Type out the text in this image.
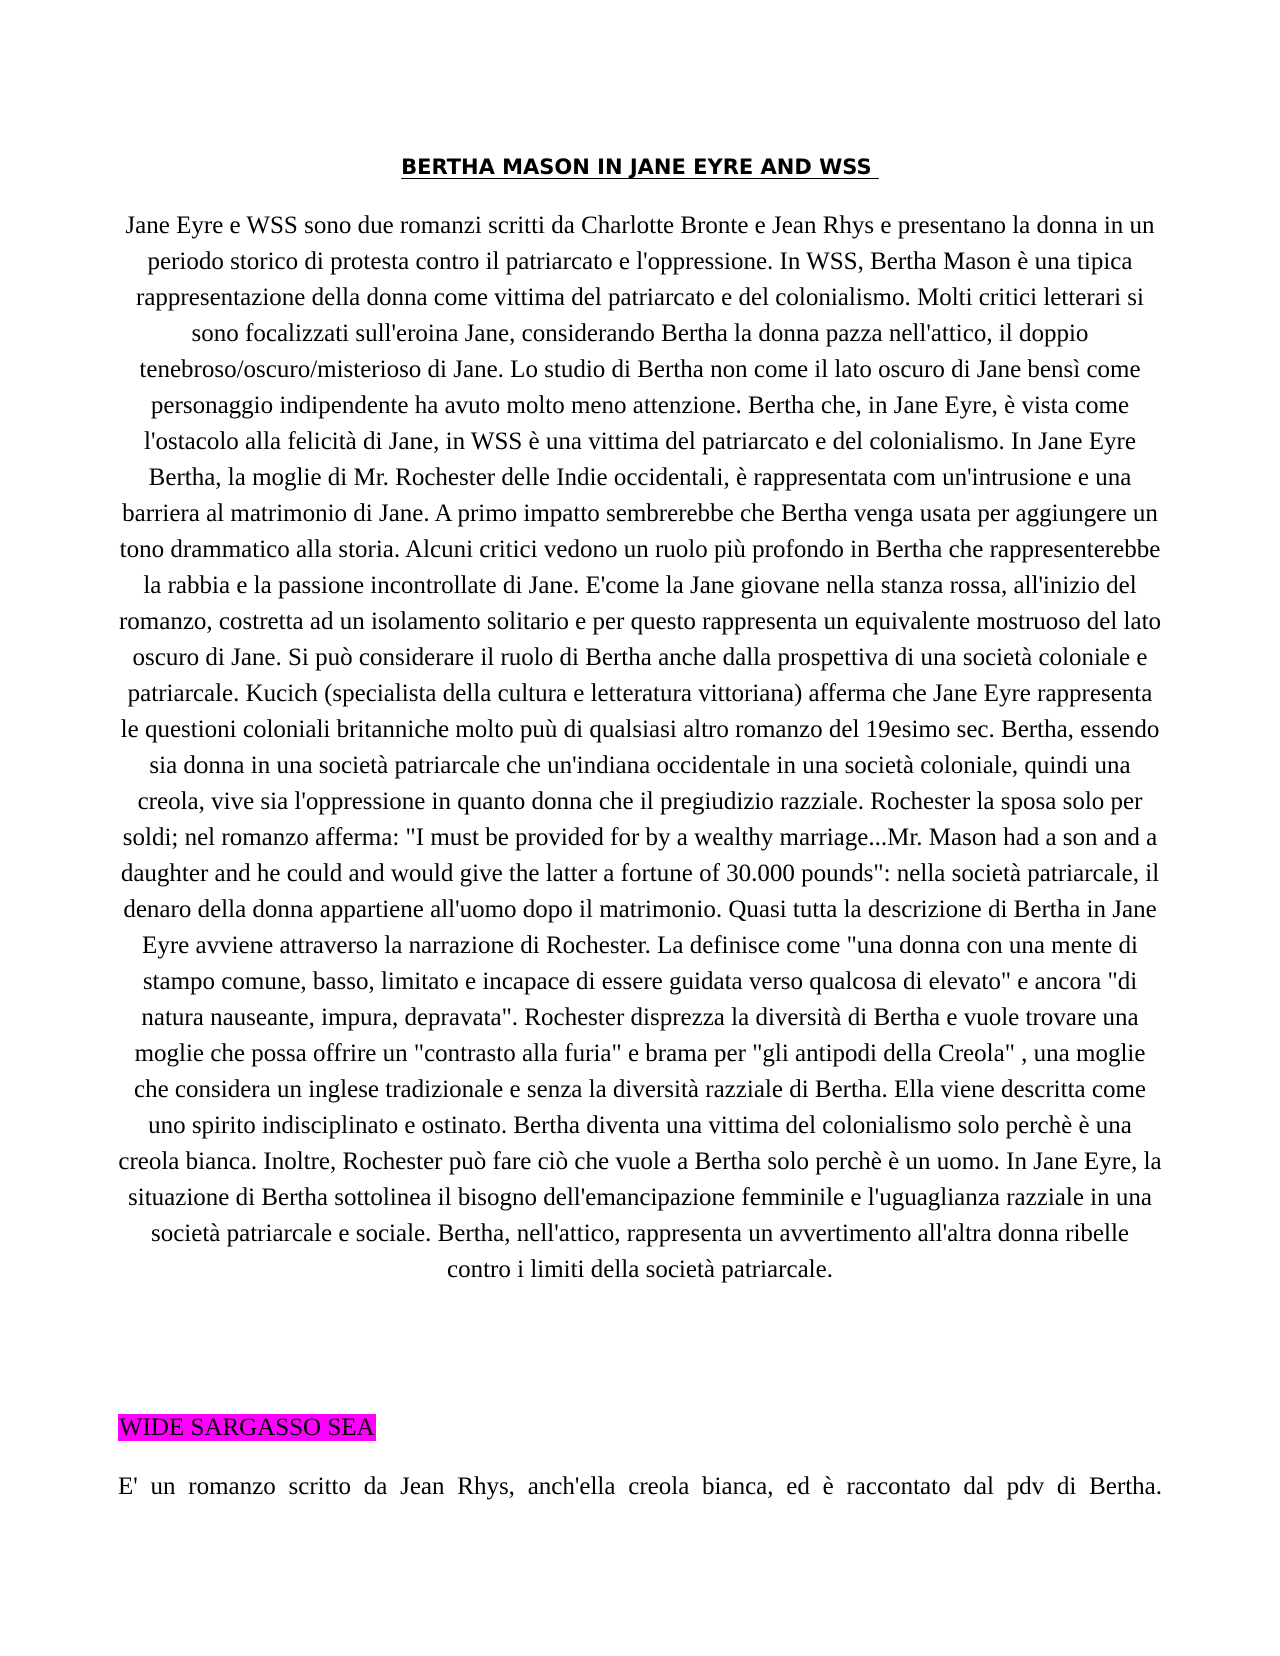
BERTHA MASON IN JANE EYRE AND WSS

Jane Eyre e WSS sono due romanzi scritti da Charlotte Bronte e Jean Rhys e presentano la donna in un periodo storico di protesta contro il patriarcato e l'oppressione. In WSS, Bertha Mason è una tipica rappresentazione della donna come vittima del patriarcato e del colonialismo. Molti critici letterari si sono focalizzati sull'eroina Jane, considerando Bertha la donna pazza nell'attico, il doppio tenebroso/oscuro/misterioso di Jane. Lo studio di Bertha non come il lato oscuro di Jane bensì come personaggio indipendente ha avuto molto meno attenzione. Bertha che, in Jane Eyre, è vista come l'ostacolo alla felicità di Jane, in WSS è una vittima del patriarcato e del colonialismo. In Jane Eyre Bertha, la moglie di Mr. Rochester delle Indie occidentali, è rappresentata com un'intrusione e una barriera al matrimonio di Jane. A primo impatto sembrerebbe che Bertha venga usata per aggiungere un tono drammatico alla storia. Alcuni critici vedono un ruolo più profondo in Bertha che rappresenterebbe la rabbia e la passione incontrollate di Jane. E'come la Jane giovane nella stanza rossa, all'inizio del romanzo, costretta ad un isolamento solitario e per questo rappresenta un equivalente mostruoso del lato oscuro di Jane. Si può considerare il ruolo di Bertha anche dalla prospettiva di una società coloniale e patriarcale. Kucich (specialista della cultura e letteratura vittoriana) afferma che Jane Eyre rappresenta le questioni coloniali britanniche molto puù di qualsiasi altro romanzo del 19esimo sec. Bertha, essendo sia donna in una società patriarcale che un'indiana occidentale in una società coloniale, quindi una creola, vive sia l'oppressione in quanto donna che il pregiudizio razziale. Rochester la sposa solo per soldi; nel romanzo afferma: "I must be provided for by a wealthy marriage...Mr. Mason had a son and a daughter and he could and would give the latter a fortune of 30.000 pounds": nella società patriarcale, il denaro della donna appartiene all'uomo dopo il matrimonio. Quasi tutta la descrizione di Bertha in Jane Eyre avviene attraverso la narrazione di Rochester. La definisce come "una donna con una mente di stampo comune, basso, limitato e incapace di essere guidata verso qualcosa di elevato" e ancora "di natura nauseante, impura, depravata". Rochester disprezza la diversità di Bertha e vuole trovare una moglie che possa offrire un "contrasto alla furia" e brama per "gli antipodi della Creola" , una moglie che considera un inglese tradizionale e senza la diversità razziale di Bertha. Ella viene descritta come uno spirito indisciplinato e ostinato. Bertha diventa una vittima del colonialismo solo perchè è una creola bianca. Inoltre, Rochester può fare ciò che vuole a Bertha solo perchè è un uomo. In Jane Eyre, la situazione di Bertha sottolinea il bisogno dell'emancipazione femminile e l'uguaglianza razziale in una società patriarcale e sociale. Bertha, nell'attico, rappresenta un avvertimento all'altra donna ribelle contro i limiti della società patriarcale.

WIDE SARGASSO SEA

E' un romanzo scritto da Jean Rhys, anch'ella creola bianca, ed è raccontato dal pdv di Bertha.
